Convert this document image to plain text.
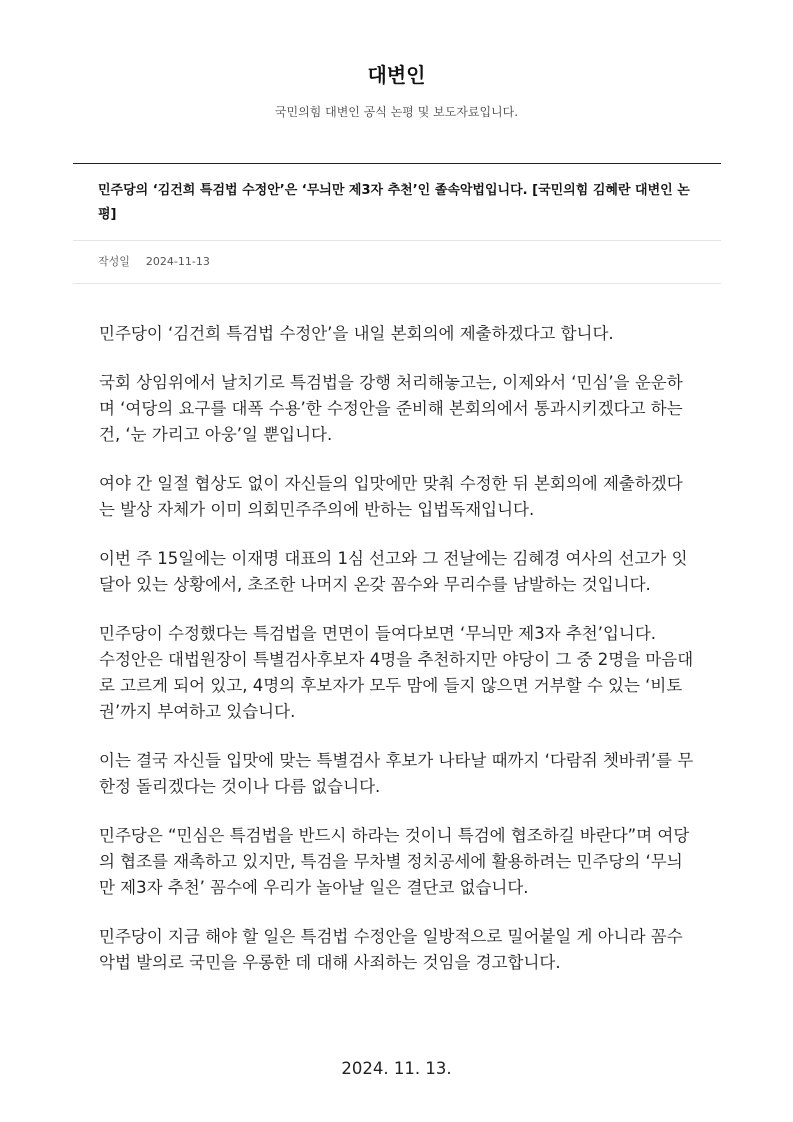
대변인

국민의힘 대변인 공식 논평 및 보도자료입니다.

민주당의 ‘김건희 특검법 수정안’은 ‘무늬만 제3자 추천’인 졸속악법입니다. [국민의힘 김혜란 대변인 논평]
작성일 2024-11-13

민주당이 ‘김건희 특검법 수정안’을 내일 본회의에 제출하겠다고 합니다.

국회 상임위에서 날치기로 특검법을 강행 처리해놓고는, 이제와서 ‘민심’을 운운하며 ‘여당의 요구를 대폭 수용’한 수정안을 준비해 본회의에서 통과시키겠다고 하는 건, ‘눈 가리고 아웅’일 뿐입니다.

여야 간 일절 협상도 없이 자신들의 입맛에만 맞춰 수정한 뒤 본회의에 제출하겠다는 발상 자체가 이미 의회민주주의에 반하는 입법독재입니다.

이번 주 15일에는 이재명 대표의 1심 선고와 그 전날에는 김혜경 여사의 선고가 잇달아 있는 상황에서, 초조한 나머지 온갖 꼼수와 무리수를 남발하는 것입니다.

민주당이 수정했다는 특검법을 면면이 들여다보면 ‘무늬만 제3자 추천’입니다.
수정안은 대법원장이 특별검사후보자 4명을 추천하지만 야당이 그 중 2명을 마음대로 고르게 되어 있고, 4명의 후보자가 모두 맘에 들지 않으면 거부할 수 있는 ‘비토권’까지 부여하고 있습니다.

이는 결국 자신들 입맛에 맞는 특별검사 후보가 나타날 때까지 ‘다람쥐 쳇바퀴’를 무한정 돌리겠다는 것이나 다름 없습니다.

민주당은 “민심은 특검법을 반드시 하라는 것이니 특검에 협조하길 바란다”며 여당의 협조를 재촉하고 있지만, 특검을 무차별 정치공세에 활용하려는 민주당의 ‘무늬만 제3자 추천’ 꼼수에 우리가 놀아날 일은 결단코 없습니다.

민주당이 지금 해야 할 일은 특검법 수정안을 일방적으로 밀어붙일 게 아니라 꼼수악법 발의로 국민을 우롱한 데 대해 사죄하는 것임을 경고합니다.

2024. 11. 13.
